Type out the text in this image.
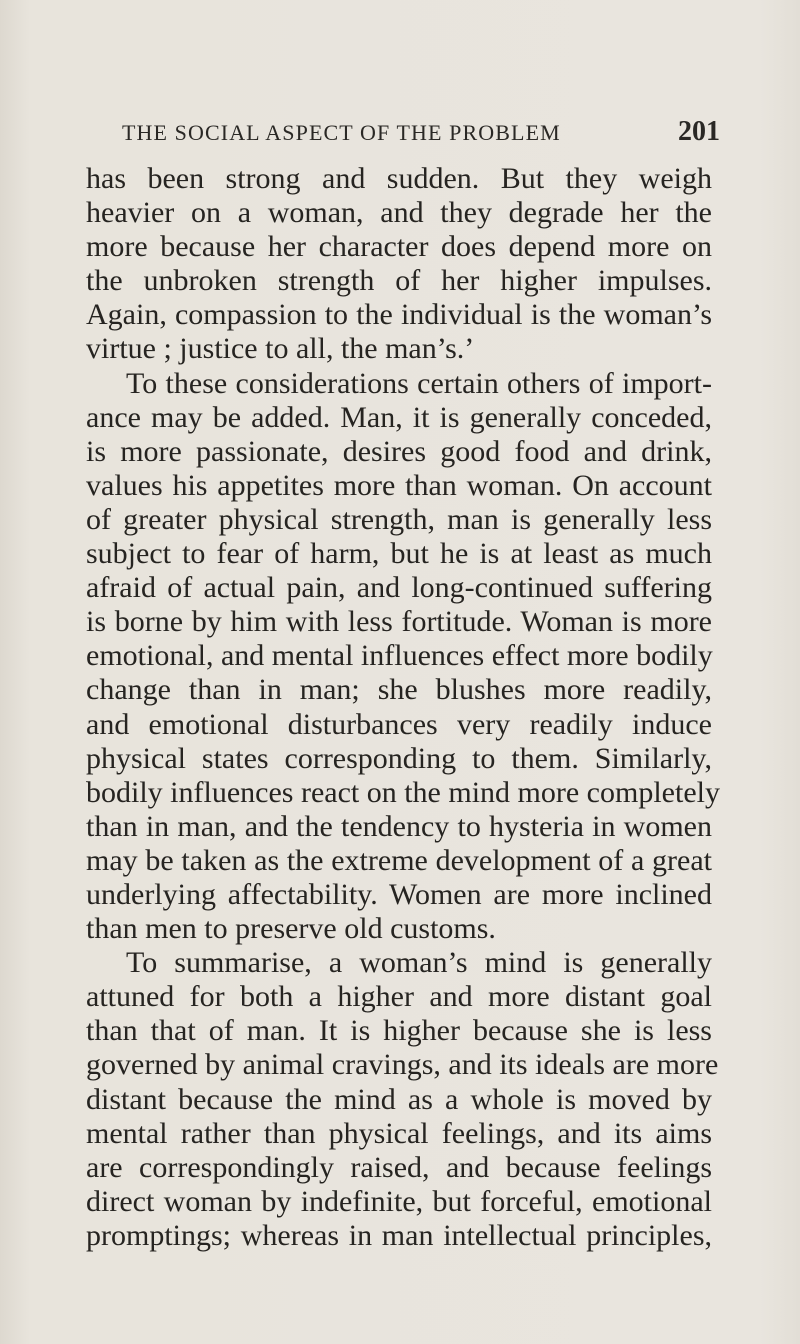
THE SOCIAL ASPECT OF THE PROBLEM	201
has been strong and sudden. But they weigh
heavier on a woman, and they degrade her the
more because her character does depend more on
the unbroken strength of her higher impulses.
Again, compassion to the individual is the woman’s
virtue ; justice to all, the man’s.’
To these considerations certain others of import-
ance may be added. Man, it is generally conceded,
is more passionate, desires good food and drink,
values his appetites more than woman. On account
of greater physical strength, man is generally less
subject to fear of harm, but he is at least as much
afraid of actual pain, and long-continued suffering
is borne by him with less fortitude. Woman is more
emotional, and mental influences effect more bodily
change than in man; she blushes more readily,
and emotional disturbances very readily induce
physical states corresponding to them. Similarly,
bodily influences react on the mind more completely
than in man, and the tendency to hysteria in women
may be taken as the extreme development of a great
underlying affectability. Women are more inclined
than men to preserve old customs.
To summarise, a woman’s mind is generally
attuned for both a higher and more distant goal
than that of man. It is higher because she is less
governed by animal cravings, and its ideals are more
distant because the mind as a whole is moved by
mental rather than physical feelings, and its aims
are correspondingly raised, and because feelings
direct woman by indefinite, but forceful, emotional
promptings; whereas in man intellectual principles,
